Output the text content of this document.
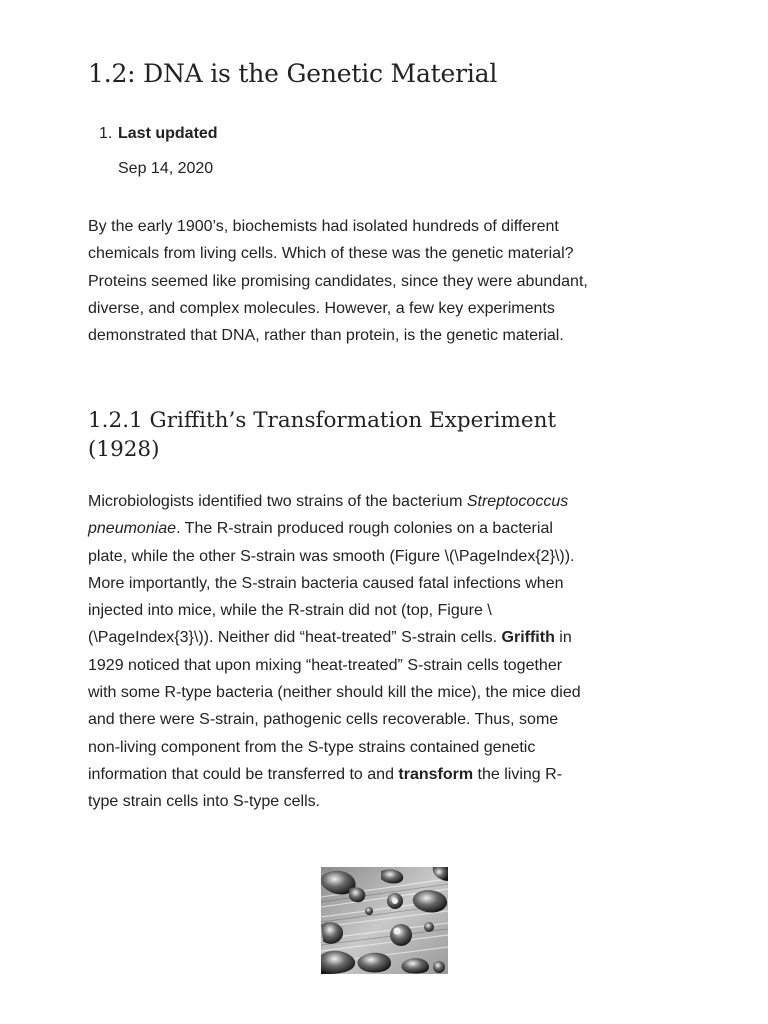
1.2: DNA is the Genetic Material
1. Last updated
Sep 14, 2020

By the early 1900’s, biochemists had isolated hundreds of different chemicals from living cells. Which of these was the genetic material? Proteins seemed like promising candidates, since they were abundant, diverse, and complex molecules. However, a few key experiments demonstrated that DNA, rather than protein, is the genetic material.

1.2.1 Griffith’s Transformation Experiment (1928)

Microbiologists identified two strains of the bacterium Streptococcus pneumoniae. The R-strain produced rough colonies on a bacterial plate, while the other S-strain was smooth (Figure \(\PageIndex{2}\)). More importantly, the S-strain bacteria caused fatal infections when injected into mice, while the R-strain did not (top, Figure \(\PageIndex{3}\)). Neither did “heat-treated” S-strain cells. Griffith in 1929 noticed that upon mixing “heat-treated” S-strain cells together with some R-type bacteria (neither should kill the mice), the mice died and there were S-strain, pathogenic cells recoverable. Thus, some non-living component from the S-type strains contained genetic information that could be transferred to and transform the living R-type strain cells into S-type cells.
